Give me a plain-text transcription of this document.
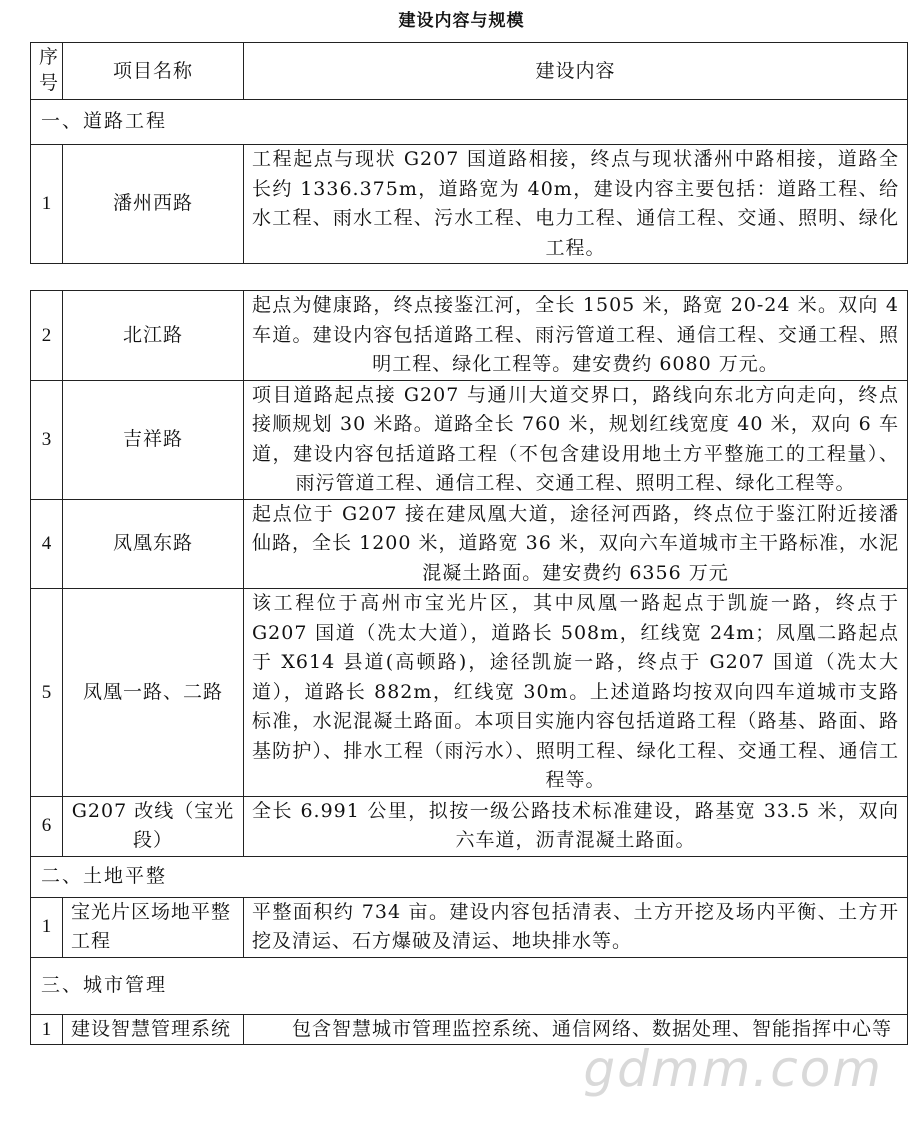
建设内容与规模
序号	项目名称	建设内容
一、道路工程		
1	潘州西路	工程起点与现状 G207 国道路相接，终点与现状潘州中路相接，道路全长约 1336.375m，道路宽为 40m，建设内容主要包括：道路工程、给水工程、雨水工程、污水工程、电力工程、通信工程、交通、照明、绿化工程。
2	北江路	起点为健康路，终点接鉴江河，全长 1505 米，路宽 20-24 米。双向 4 车道。建设内容包括道路工程、雨污管道工程、通信工程、交通工程、照明工程、绿化工程等。建安费约 6080 万元。
3	吉祥路	项目道路起点接 G207 与通川大道交界口，路线向东北方向走向，终点接顺规划 30 米路。道路全长 760 米，规划红线宽度 40 米，双向 6 车道，建设内容包括道路工程（不包含建设用地土方平整施工的工程量）、雨污管道工程、通信工程、交通工程、照明工程、绿化工程等。
4	凤凰东路	起点位于 G207 接在建凤凰大道，途径河西路，终点位于鉴江附近接潘仙路，全长 1200 米，道路宽 36 米，双向六车道城市主干路标准，水泥混凝土路面。建安费约 6356 万元
5	凤凰一路、二路	该工程位于高州市宝光片区，其中凤凰一路起点于凯旋一路，终点于 G207 国道（冼太大道），道路长 508m，红线宽 24m；凤凰二路起点于 X614 县道(高顿路)，途径凯旋一路，终点于 G207 国道（冼太大道），道路长 882m，红线宽 30m。上述道路均按双向四车道城市支路标准，水泥混凝土路面。本项目实施内容包括道路工程（路基、路面、路基防护）、排水工程（雨污水）、照明工程、绿化工程、交通工程、通信工程等。
6	G207 改线（宝光段）	全长 6.991 公里，拟按一级公路技术标准建设，路基宽 33.5 米，双向六车道，沥青混凝土路面。
二、土地平整		
1	宝光片区场地平整工程	平整面积约 734 亩。建设内容包括清表、土方开挖及场内平衡、土方开挖及清运、石方爆破及清运、地块排水等。
三、城市管理		
1	建设智慧管理系统	包含智慧城市管理监控系统、通信网络、数据处理、智能指挥中心等
gdmm.com
